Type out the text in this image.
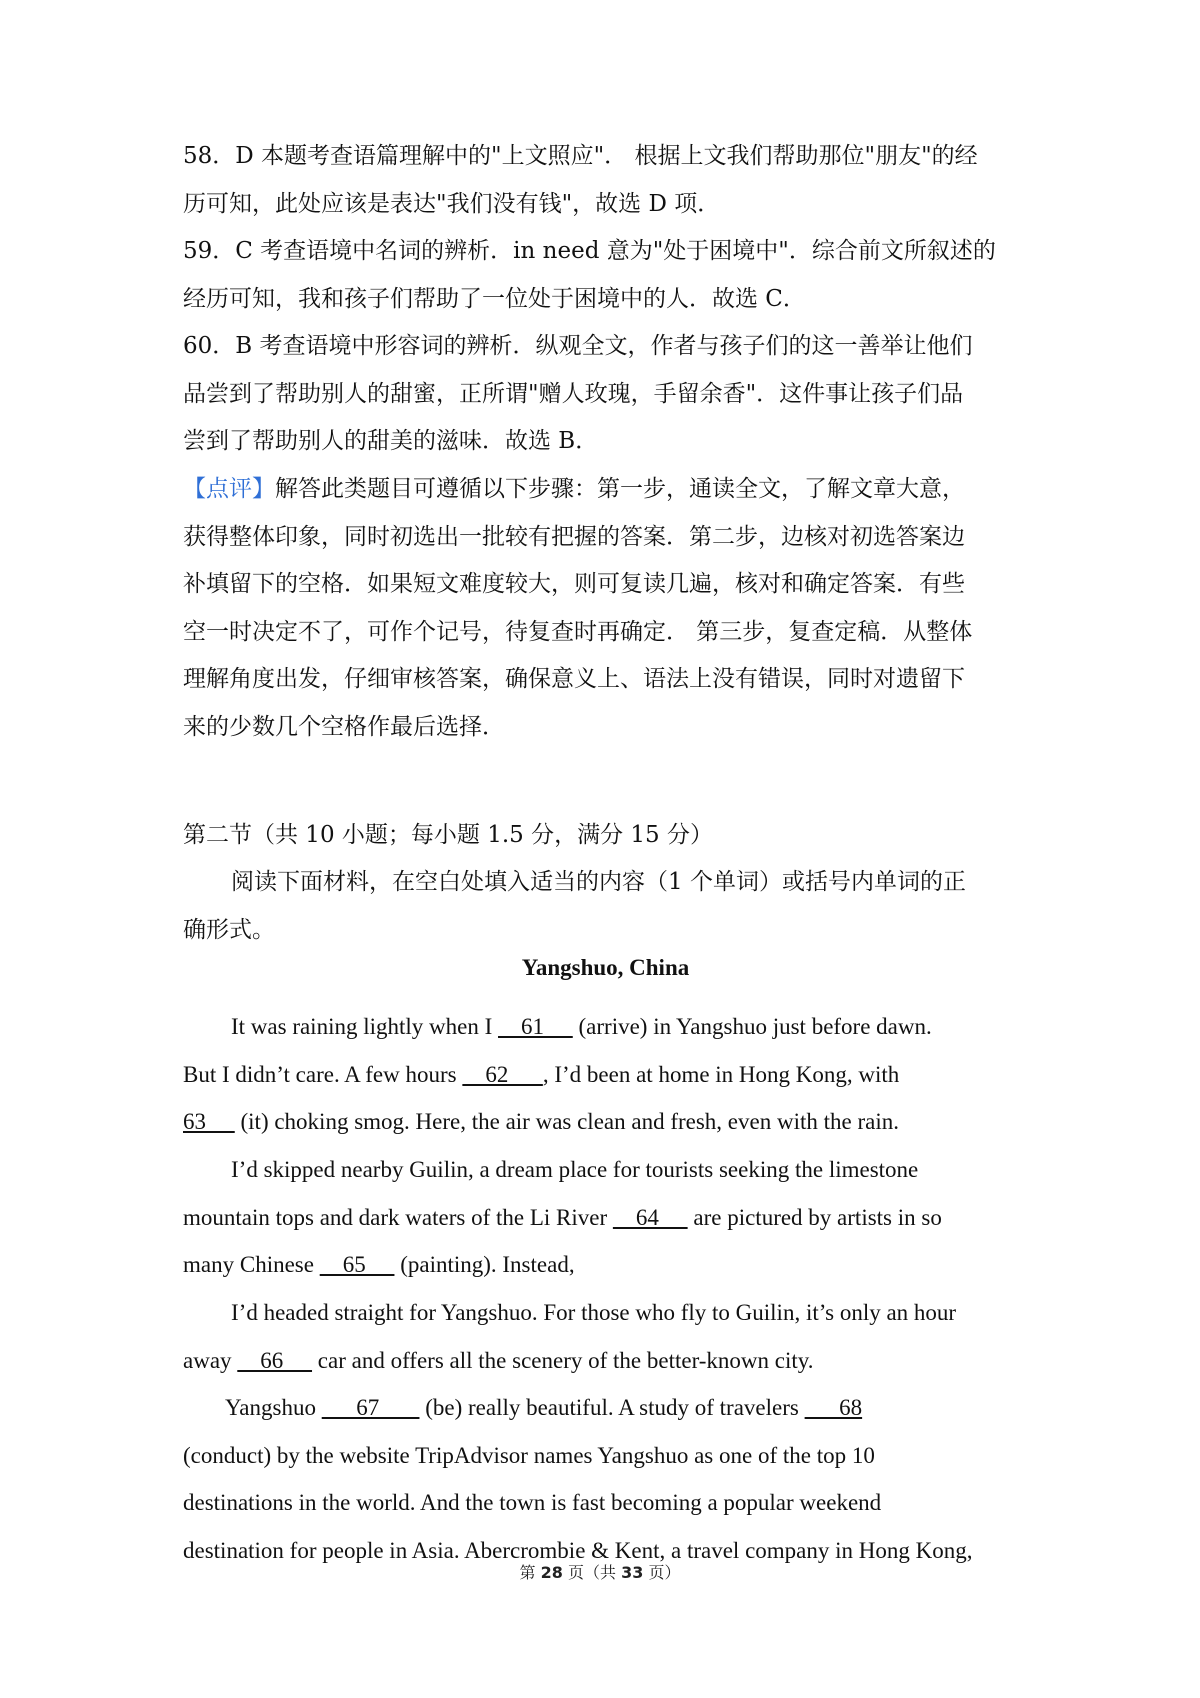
58．D 本题考查语篇理解中的"上文照应"． 根据上文我们帮助那位"朋友"的经
历可知，此处应该是表达"我们没有钱"，故选 D 项．
59．C 考查语境中名词的辨析．in need 意为"处于困境中"．综合前文所叙述的
经历可知，我和孩子们帮助了一位处于困境中的人．故选 C．
60．B 考查语境中形容词的辨析．纵观全文，作者与孩子们的这一善举让他们
品尝到了帮助别人的甜蜜，正所谓"赠人玫瑰，手留余香"．这件事让孩子们品
尝到了帮助别人的甜美的滋味．故选 B．
【点评】解答此类题目可遵循以下步骤：第一步，通读全文，了解文章大意，
获得整体印象，同时初选出一批较有把握的答案．第二步，边核对初选答案边
补填留下的空格．如果短文难度较大，则可复读几遍，核对和确定答案．有些
空一时决定不了，可作个记号，待复查时再确定． 第三步，复查定稿．从整体
理解角度出发，仔细审核答案，确保意义上、语法上没有错误，同时对遗留下
来的少数几个空格作最后选择．
第二节（共 10 小题；每小题 1.5 分，满分 15 分）
阅读下面材料，在空白处填入适当的内容（1 个单词）或括号内单词的正
确形式。
Yangshuo, China
It was raining lightly when I     61      (arrive) in Yangshuo just before dawn.
But I didn’t care. A few hours     62      , I’d been at home in Hong Kong, with
63      (it) choking smog. Here, the air was clean and fresh, even with the rain.
I’d skipped nearby Guilin, a dream place for tourists seeking the limestone
mountain tops and dark waters of the Li River     64      are pictured by artists in so
many Chinese     65      (painting). Instead,
I’d headed straight for Yangshuo. For those who fly to Guilin, it’s only an hour
away     66      car and offers all the scenery of the better-known city.
Yangshuo       67        (be) really beautiful. A study of travelers       68
(conduct) by the website TripAdvisor names Yangshuo as one of the top 10
destinations in the world. And the town is fast becoming a popular weekend
destination for people in Asia. Abercrombie & Kent, a travel company in Hong Kong,
第 28 页（共 33 页）
